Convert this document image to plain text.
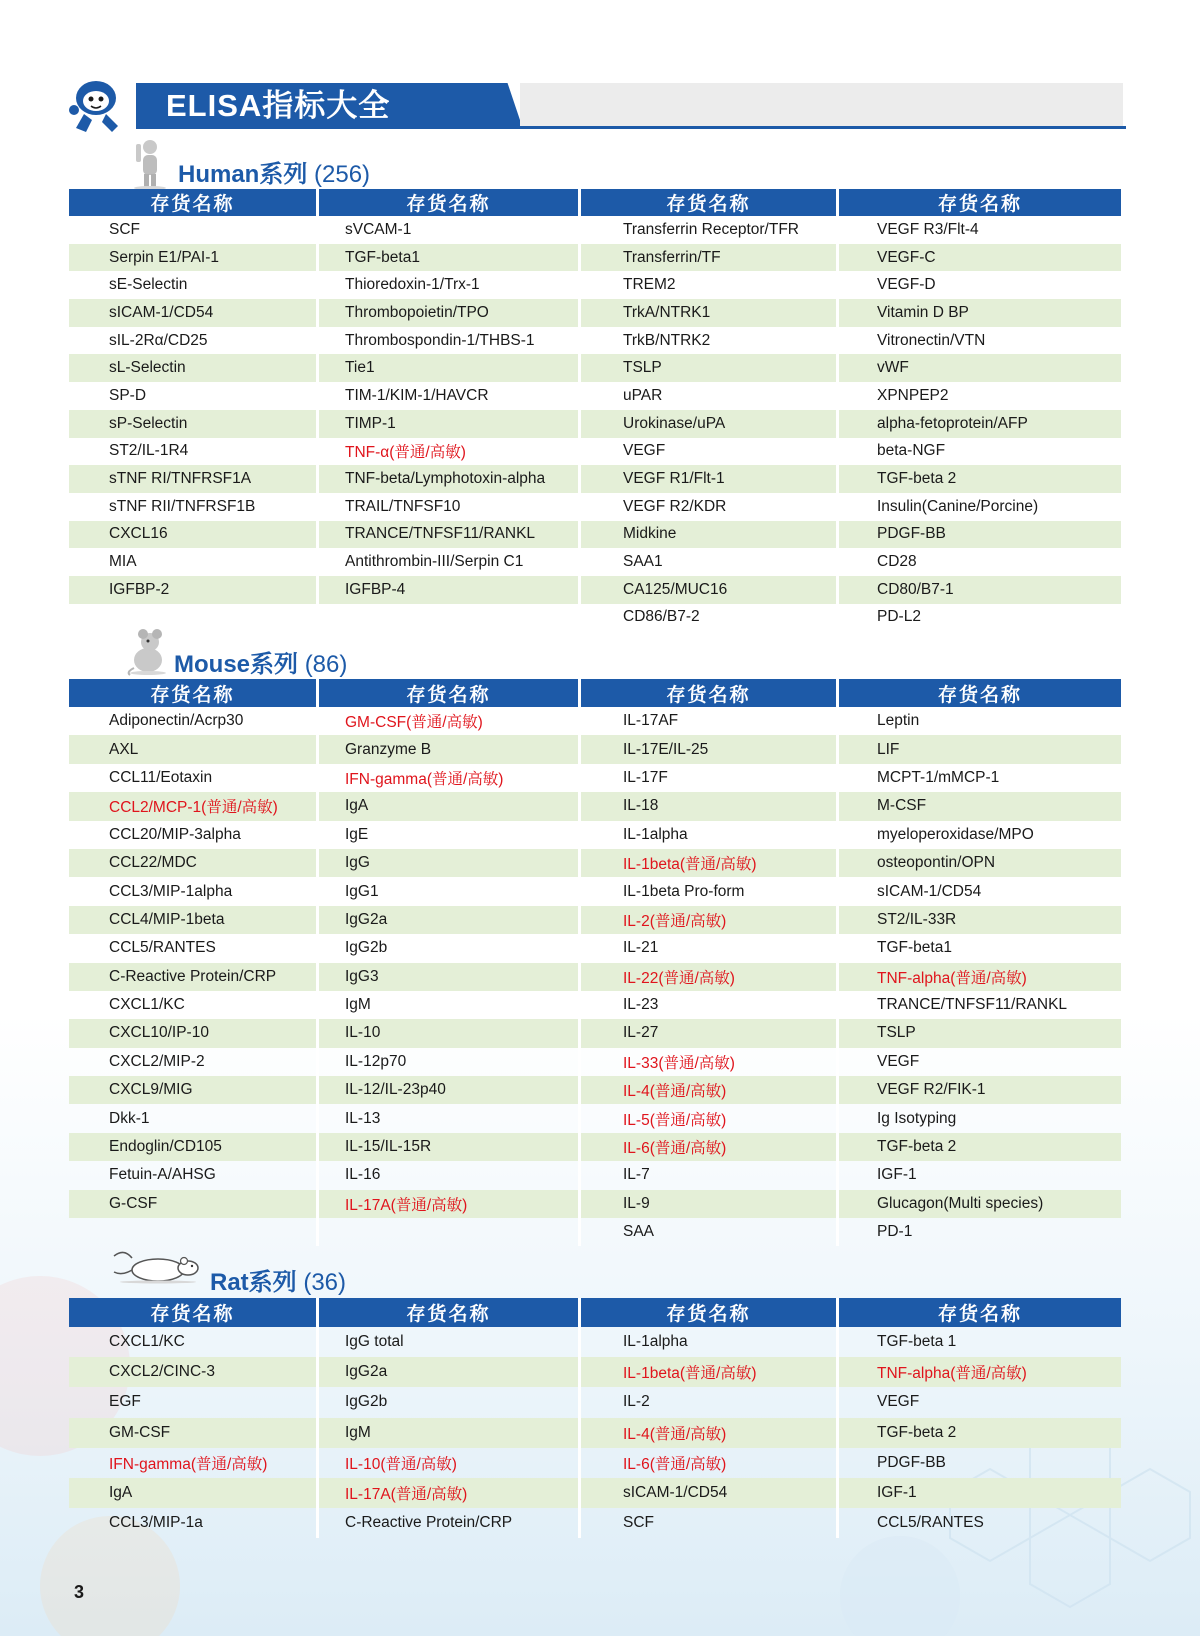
ELISA指标大全
Human系列 (256)
存货名称	存货名称	存货名称	存货名称
SCF	sVCAM-1	Transferrin Receptor/TFR	VEGF R3/Flt-4
Serpin E1/PAI-1	TGF-beta1	Transferrin/TF	VEGF-C
sE-Selectin	Thioredoxin-1/Trx-1	TREM2	VEGF-D
sICAM-1/CD54	Thrombopoietin/TPO	TrkA/NTRK1	Vitamin D BP
sIL-2Rα/CD25	Thrombospondin-1/THBS-1	TrkB/NTRK2	Vitronectin/VTN
sL-Selectin	Tie1	TSLP	vWF
SP-D	TIM-1/KIM-1/HAVCR	uPAR	XPNPEP2
sP-Selectin	TIMP-1	Urokinase/uPA	alpha-fetoprotein/AFP
ST2/IL-1R4	TNF-α(普通/高敏)	VEGF	beta-NGF
sTNF RI/TNFRSF1A	TNF-beta/Lymphotoxin-alpha	VEGF R1/Flt-1	TGF-beta 2
sTNF RII/TNFRSF1B	TRAIL/TNFSF10	VEGF R2/KDR	Insulin(Canine/Porcine)
CXCL16	TRANCE/TNFSF11/RANKL	Midkine	PDGF-BB
MIA	Antithrombin-III/Serpin C1	SAA1	CD28
IGFBP-2	IGFBP-4	CA125/MUC16	CD80/B7-1
		CD86/B7-2	PD-L2
Mouse系列 (86)
存货名称	存货名称	存货名称	存货名称
Adiponectin/Acrp30	GM-CSF(普通/高敏)	IL-17AF	Leptin
AXL	Granzyme B	IL-17E/IL-25	LIF
CCL11/Eotaxin	IFN-gamma(普通/高敏)	IL-17F	MCPT-1/mMCP-1
CCL2/MCP-1(普通/高敏)	IgA	IL-18	M-CSF
CCL20/MIP-3alpha	IgE	IL-1alpha	myeloperoxidase/MPO
CCL22/MDC	IgG	IL-1beta(普通/高敏)	osteopontin/OPN
CCL3/MIP-1alpha	IgG1	IL-1beta Pro-form	sICAM-1/CD54
CCL4/MIP-1beta	IgG2a	IL-2(普通/高敏)	ST2/IL-33R
CCL5/RANTES	IgG2b	IL-21	TGF-beta1
C-Reactive Protein/CRP	IgG3	IL-22(普通/高敏)	TNF-alpha(普通/高敏)
CXCL1/KC	IgM	IL-23	TRANCE/TNFSF11/RANKL
CXCL10/IP-10	IL-10	IL-27	TSLP
CXCL2/MIP-2	IL-12p70	IL-33(普通/高敏)	VEGF
CXCL9/MIG	IL-12/IL-23p40	IL-4(普通/高敏)	VEGF R2/FIK-1
Dkk-1	IL-13	IL-5(普通/高敏)	Ig Isotyping
Endoglin/CD105	IL-15/IL-15R	IL-6(普通/高敏)	TGF-beta 2
Fetuin-A/AHSG	IL-16	IL-7	IGF-1
G-CSF	IL-17A(普通/高敏)	IL-9	Glucagon(Multi species)
		SAA	PD-1
Rat系列 (36)
存货名称	存货名称	存货名称	存货名称
CXCL1/KC	IgG total	IL-1alpha	TGF-beta 1
CXCL2/CINC-3	IgG2a	IL-1beta(普通/高敏)	TNF-alpha(普通/高敏)
EGF	IgG2b	IL-2	VEGF
GM-CSF	IgM	IL-4(普通/高敏)	TGF-beta 2
IFN-gamma(普通/高敏)	IL-10(普通/高敏)	IL-6(普通/高敏)	PDGF-BB
IgA	IL-17A(普通/高敏)	sICAM-1/CD54	IGF-1
CCL3/MIP-1a	C-Reactive Protein/CRP	SCF	CCL5/RANTES
3
